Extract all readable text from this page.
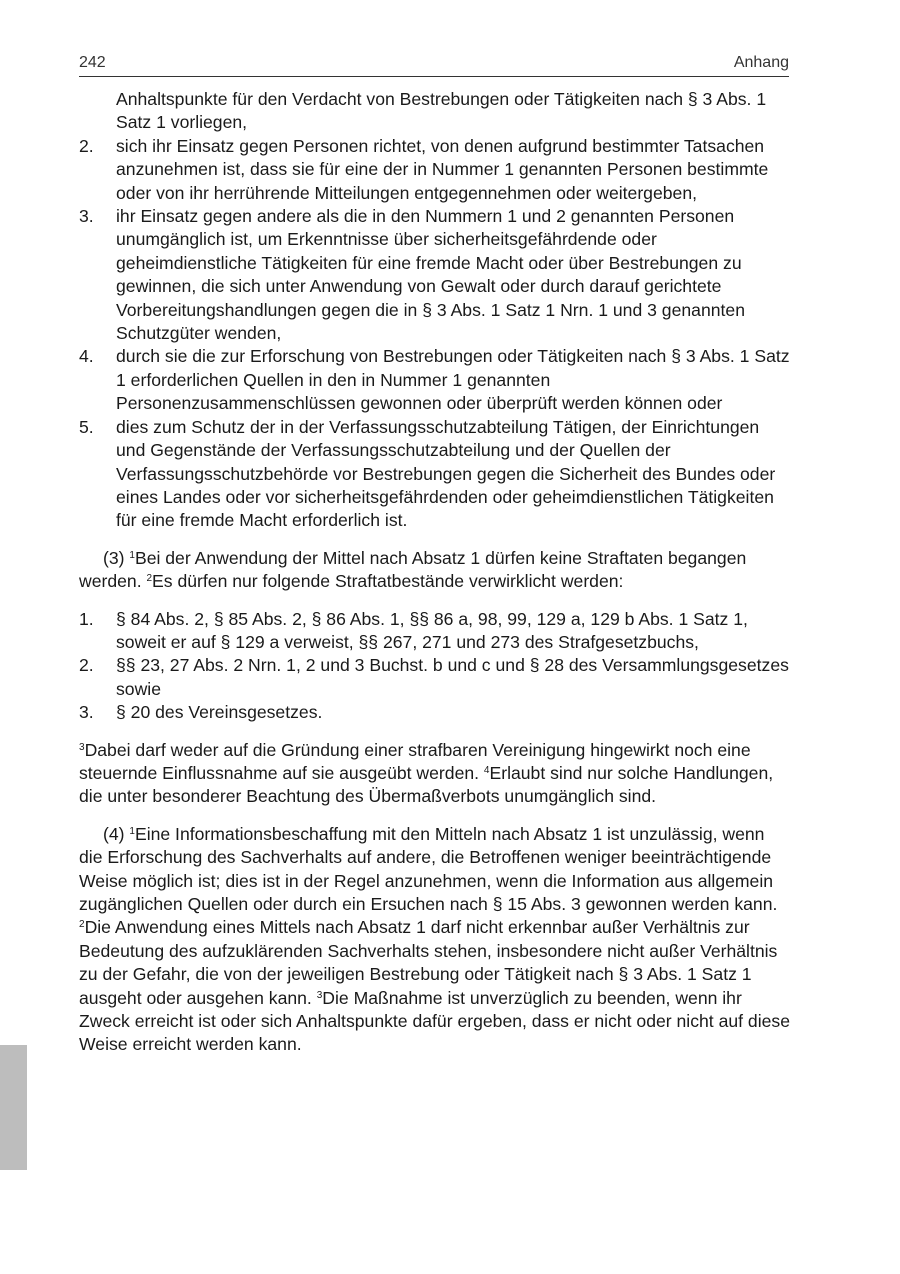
242	Anhang

Anhaltspunkte für den Verdacht von Bestrebungen oder Tätigkeiten nach § 3 Abs. 1 Satz 1 vorliegen,

2.	sich ihr Einsatz gegen Personen richtet, von denen aufgrund bestimmter Tatsachen anzunehmen ist, dass sie für eine der in Nummer 1 genannten Personen bestimmte oder von ihr herrührende Mitteilungen entgegennehmen oder weitergeben,
3.	ihr Einsatz gegen andere als die in den Nummern 1 und 2 genannten Personen unumgänglich ist, um Erkenntnisse über sicherheitsgefährdende oder geheimdienstliche Tätigkeiten für eine fremde Macht oder über Bestrebungen zu gewinnen, die sich unter Anwendung von Gewalt oder durch darauf gerichtete Vorbereitungshandlungen gegen die in § 3 Abs. 1 Satz 1 Nrn. 1 und 3 genannten Schutzgüter wenden,
4.	durch sie die zur Erforschung von Bestrebungen oder Tätigkeiten nach § 3 Abs. 1 Satz 1 erforderlichen Quellen in den in Nummer 1 genannten Personenzusammenschlüssen gewonnen oder überprüft werden können oder
5.	dies zum Schutz der in der Verfassungsschutzabteilung Tätigen, der Einrichtungen und Gegenstände der Verfassungsschutzabteilung und der Quellen der Verfassungsschutzbehörde vor Bestrebungen gegen die Sicherheit des Bundes oder eines Landes oder vor sicherheitsgefährdenden oder geheimdienstlichen Tätigkeiten für eine fremde Macht erforderlich ist.

(3) $^1$Bei der Anwendung der Mittel nach Absatz 1 dürfen keine Straftaten begangen werden. $^2$Es dürfen nur folgende Straftatbestände verwirklicht werden:

1.	§ 84 Abs. 2, § 85 Abs. 2, § 86 Abs. 1, §§ 86 a, 98, 99, 129 a, 129 b Abs. 1 Satz 1, soweit er auf § 129 a verweist, §§ 267, 271 und 273 des Strafgesetzbuchs,
2.	§§ 23, 27 Abs. 2 Nrn. 1, 2 und 3 Buchst. b und c und § 28 des Versammlungsgesetzes sowie
3.	§ 20 des Vereinsgesetzes.

$^3$Dabei darf weder auf die Gründung einer strafbaren Vereinigung hingewirkt noch eine steuernde Einflussnahme auf sie ausgeübt werden. $^4$Erlaubt sind nur solche Handlungen, die unter besonderer Beachtung des Übermaßverbots unumgänglich sind.

(4) $^1$Eine Informationsbeschaffung mit den Mitteln nach Absatz 1 ist unzulässig, wenn die Erforschung des Sachverhalts auf andere, die Betroffenen weniger beeinträchtigende Weise möglich ist; dies ist in der Regel anzunehmen, wenn die Information aus allgemein zugänglichen Quellen oder durch ein Ersuchen nach § 15 Abs. 3 gewonnen werden kann. $^2$Die Anwendung eines Mittels nach Absatz 1 darf nicht erkennbar außer Verhältnis zur Bedeutung des aufzuklärenden Sachverhalts stehen, insbesondere nicht außer Verhältnis zu der Gefahr, die von der jeweiligen Bestrebung oder Tätigkeit nach § 3 Abs. 1 Satz 1 ausgeht oder ausgehen kann. $^3$Die Maßnahme ist unverzüglich zu beenden, wenn ihr Zweck erreicht ist oder sich Anhaltspunkte dafür ergeben, dass er nicht oder nicht auf diese Weise erreicht werden kann.
